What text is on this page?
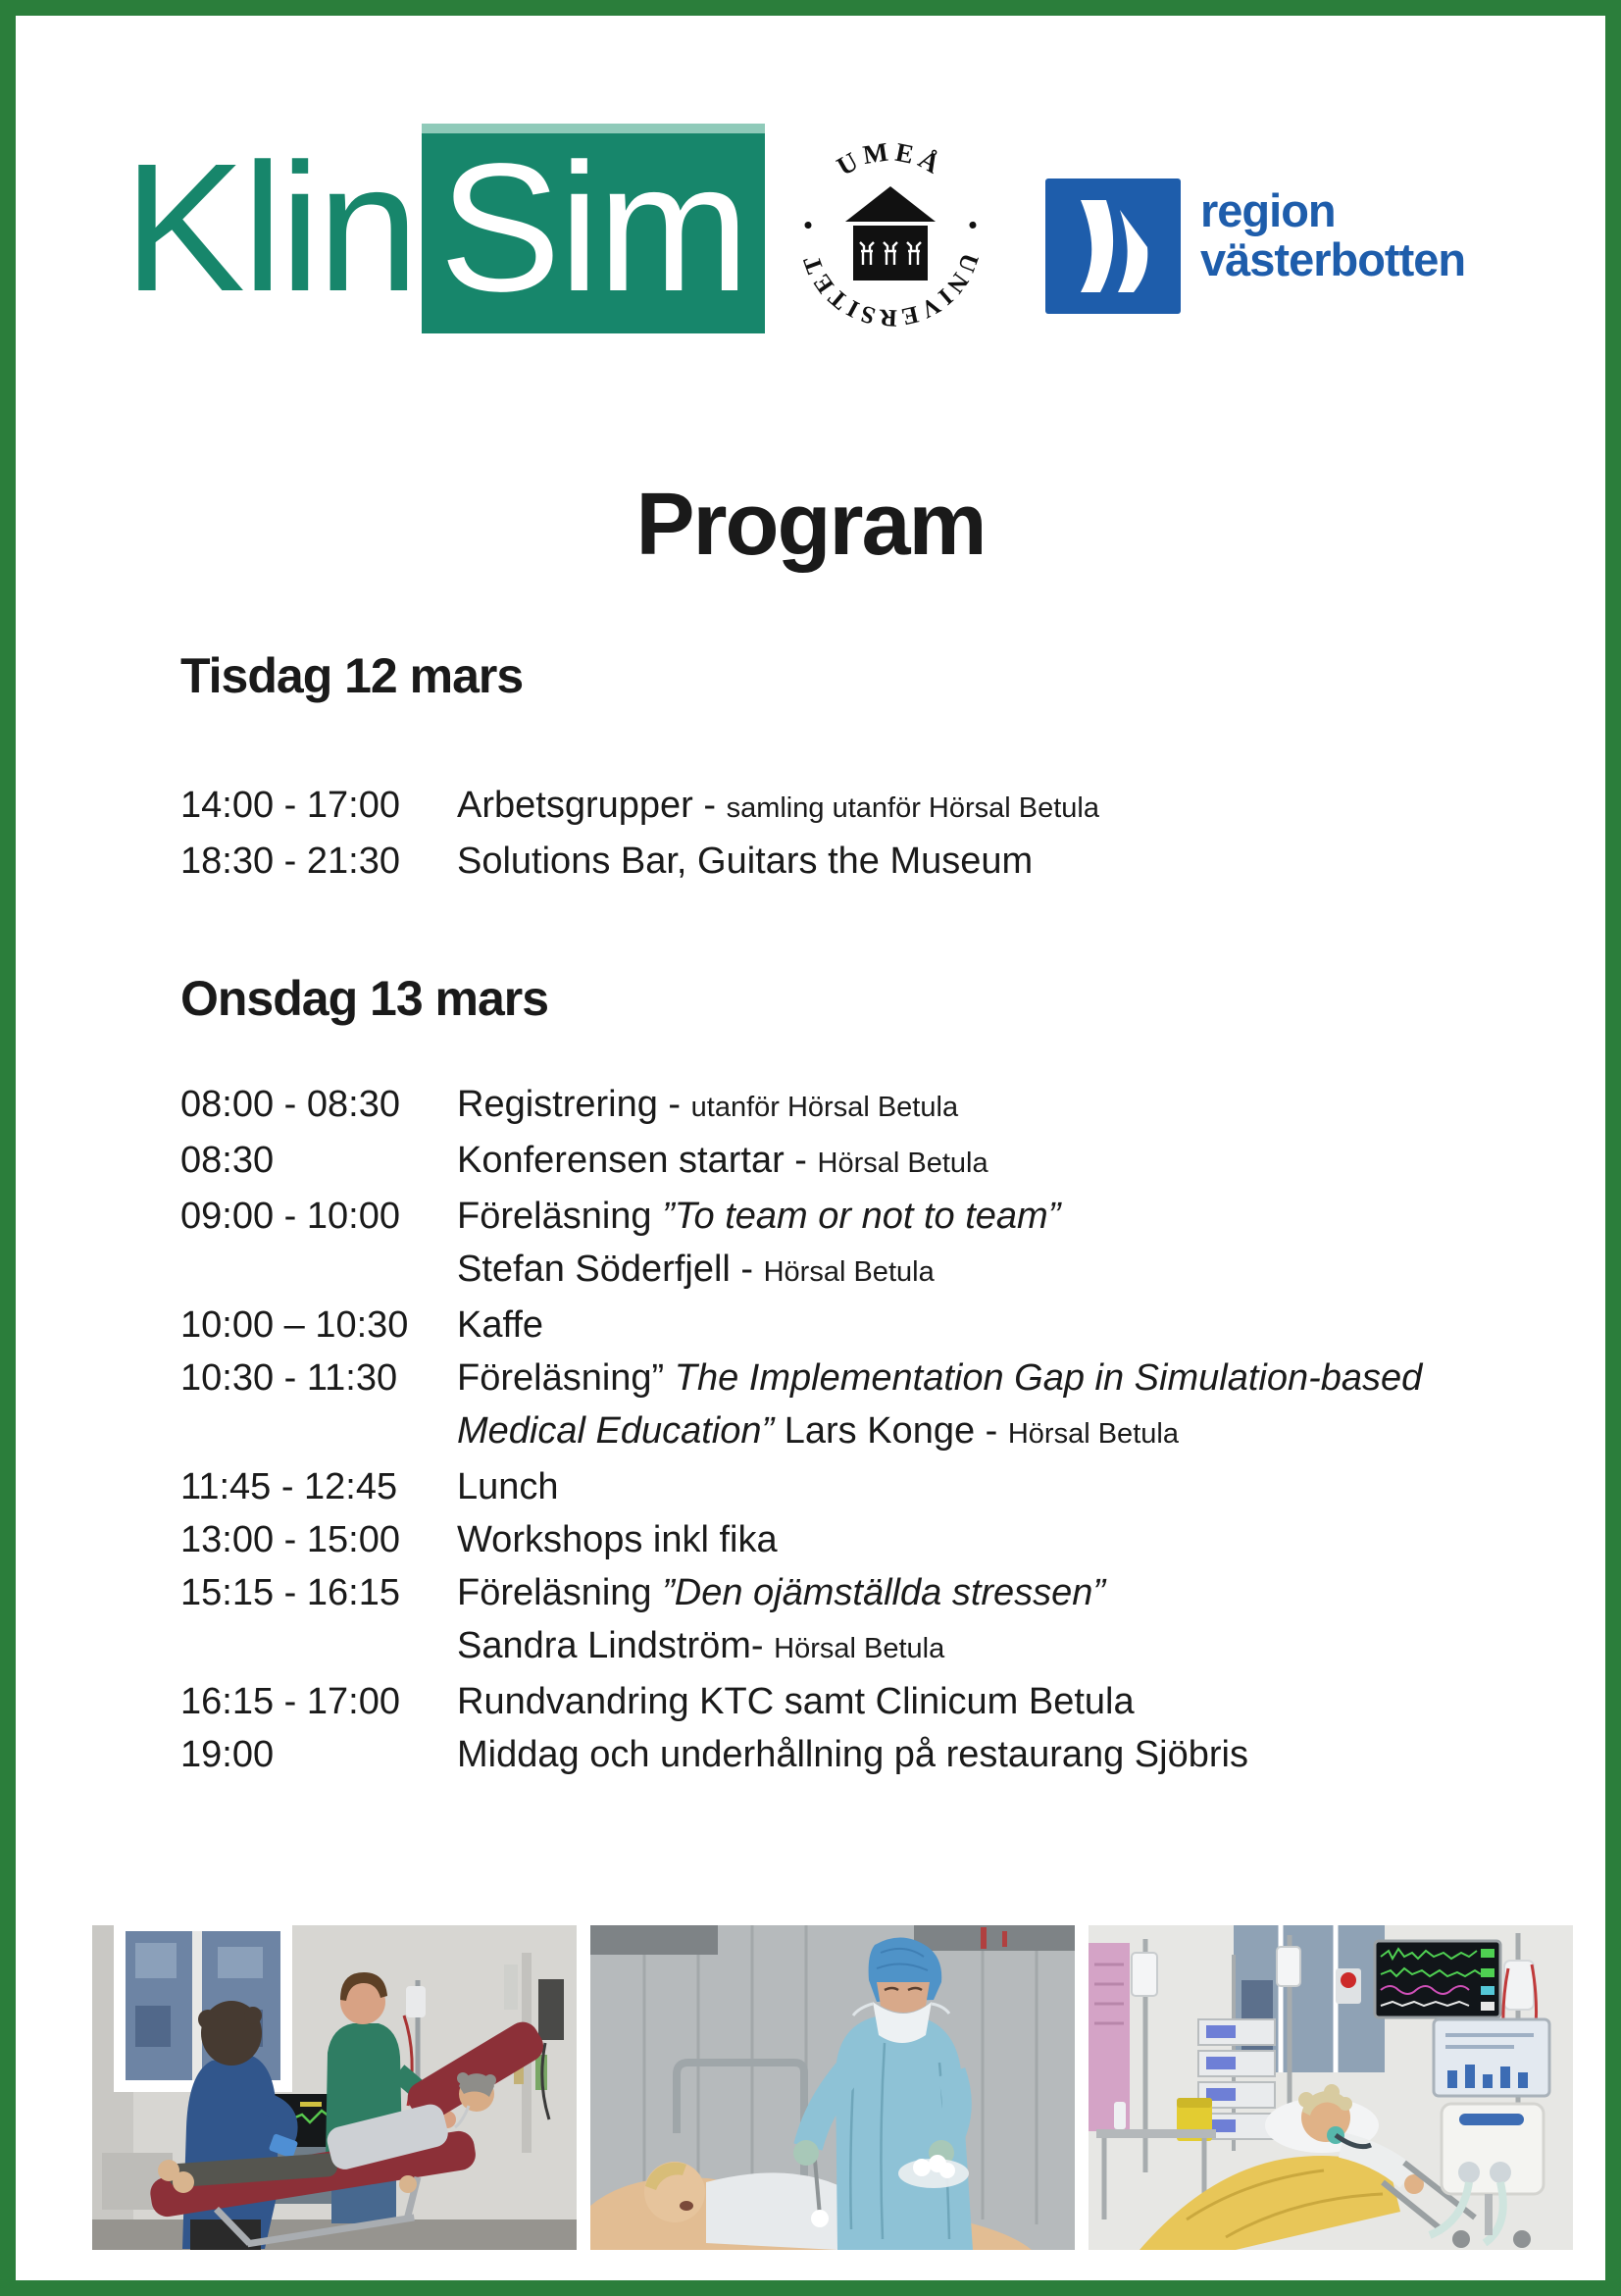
Klin Sim	UMEÅ
UNIVERSITET
•	•	region
västerbotten
Program
Tisdag 12 mars
14:00 - 17:00	Arbetsgrupper - samling utanför Hörsal Betula
18:30 - 21:30	Solutions Bar, Guitars the Museum
Onsdag 13 mars
08:00 - 08:30	Registrering - utanför Hörsal Betula
08:30	Konferensen startar - Hörsal Betula
09:00 - 10:00	Föreläsning ”To team or not to team”
Stefan Söderfjell - Hörsal Betula
10:00 – 10:30	Kaffe
10:30 - 11:30	Föreläsning” The Implementation Gap in Simulation-based
Medical Education” Lars Konge - Hörsal Betula
11:45 - 12:45	Lunch
13:00 - 15:00	Workshops inkl fika
15:15 - 16:15	Föreläsning ”Den ojämställda stressen”
Sandra Lindström- Hörsal Betula
16:15 - 17:00	Rundvandring KTC samt Clinicum Betula
19:00	Middag och underhållning på restaurang Sjöbris
